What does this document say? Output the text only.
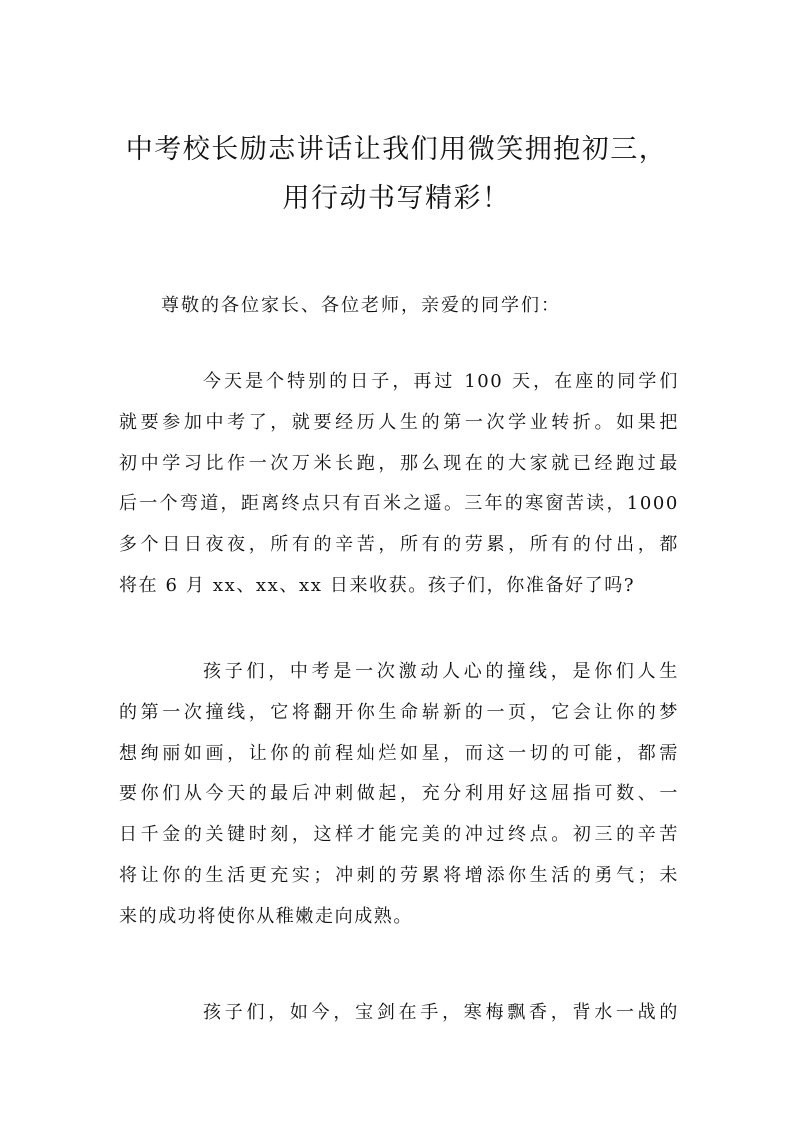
中考校长励志讲话让我们用微笑拥抱初三，
用行动书写精彩！
尊敬的各位家长、各位老师，亲爱的同学们：
今天是个特别的日子，再过 100 天，在座的同学们
就要参加中考了，就要经历人生的第一次学业转折。如果把
初中学习比作一次万米长跑，那么现在的大家就已经跑过最
后一个弯道，距离终点只有百米之遥。三年的寒窗苦读，1000
多个日日夜夜，所有的辛苦，所有的劳累，所有的付出，都
将在 6 月 xx、xx、xx 日来收获。孩子们，你准备好了吗?
孩子们，中考是一次激动人心的撞线，是你们人生
的第一次撞线，它将翻开你生命崭新的一页，它会让你的梦
想绚丽如画，让你的前程灿烂如星，而这一切的可能，都需
要你们从今天的最后冲刺做起，充分利用好这屈指可数、一
日千金的关键时刻，这样才能完美的冲过终点。初三的辛苦
将让你的生活更充实；冲刺的劳累将增添你生活的勇气；未
来的成功将使你从稚嫩走向成熟。
孩子们，如今，宝剑在手，寒梅飘香，背水一战的
